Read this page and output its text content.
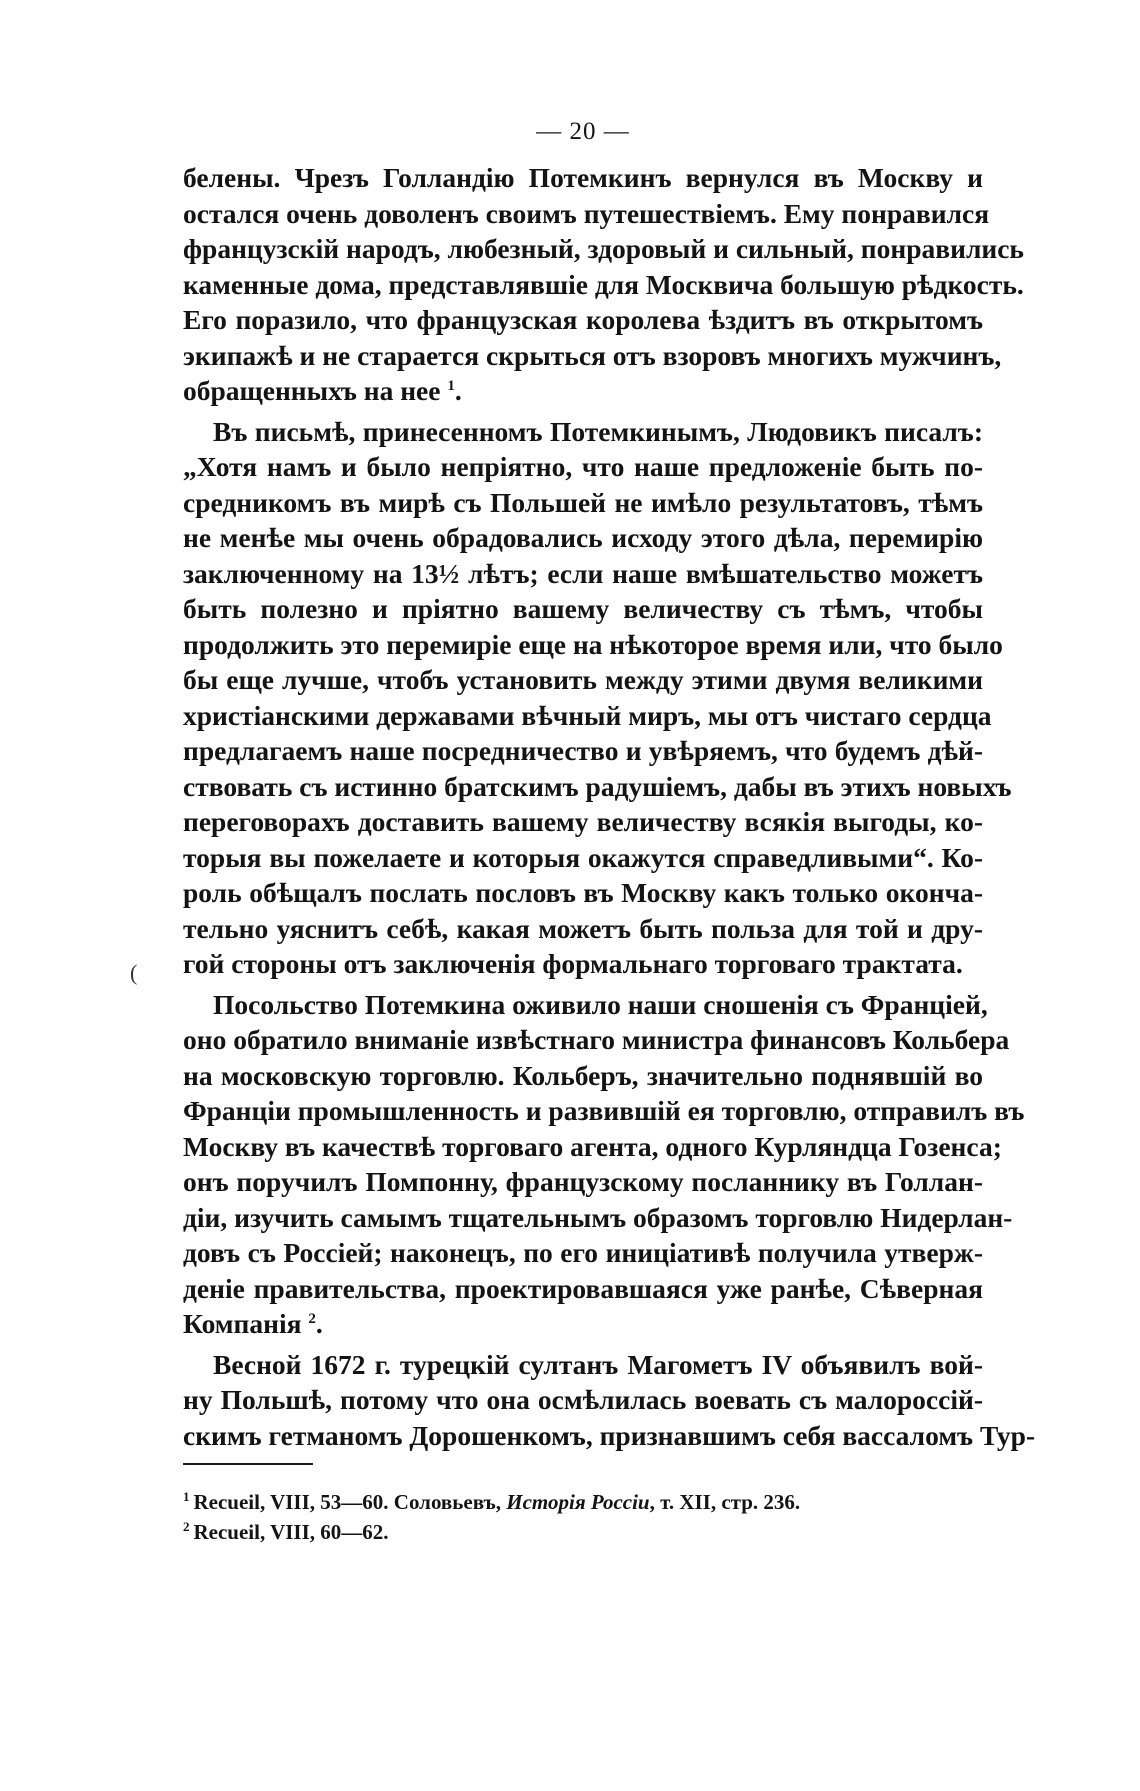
— 20 —
белены. Чрезъ Голландію Потемкинъ вернулся въ Москву и
остался очень доволенъ своимъ путешествіемъ. Ему понравился
французскій народъ, любезный, здоровый и сильный, понравились
каменные дома, представлявшіе для Москвича большую рѣдкость.
Его поразило, что французская королева ѣздитъ въ открытомъ
экипажѣ и не старается скрыться отъ взоровъ многихъ мужчинъ,
обращенныхъ на нее $^1$.
Въ письмѣ, принесенномъ Потемкинымъ, Людовикъ писалъ:
„Хотя намъ и было непріятно, что наше предложеніе быть по-
средникомъ въ мирѣ съ Польшей не имѣло результатовъ, тѣмъ
не менѣе мы очень обрадовались исходу этого дѣла, перемирію
заключенному на 13½ лѣтъ; если наше вмѣшательство можетъ
быть полезно и пріятно вашему величеству съ тѣмъ, чтобы
продолжить это перемиріе еще на нѣкоторое время или, что было
бы еще лучше, чтобъ установить между этими двумя великими
христіанскими державами вѣчный миръ, мы отъ чистаго сердца
предлагаемъ наше посредничество и увѣряемъ, что будемъ дѣй-
ствовать съ истинно братскимъ радушіемъ, дабы въ этихъ новыхъ
переговорахъ доставить вашему величеству всякія выгоды, ко-
торыя вы пожелаете и которыя окажутся справедливыми“. Ко-
роль обѣщалъ послать пословъ въ Москву какъ только оконча-
тельно уяснитъ себѣ, какая можетъ быть польза для той и дру-
гой стороны отъ заключенія формальнаго торговаго трактата.
Посольство Потемкина оживило наши сношенія съ Франціей,
оно обратило вниманіе извѣстнаго министра финансовъ Кольбера
на московскую торговлю. Кольберъ, значительно поднявшій во
Франціи промышленность и развившій ея торговлю, отправилъ въ
Москву въ качествѣ торговаго агента, одного Курляндца Гозенса;
онъ поручилъ Помпонну, французскому посланнику въ Голлан-
діи, изучить самымъ тщательнымъ образомъ торговлю Нидерлан-
довъ съ Россіей; наконецъ, по его иниціативѣ получила утверж-
деніе правительства, проектировавшаяся уже ранѣе, Сѣверная
Компанія $^2$.
Весной 1672 г. турецкій султанъ Магометъ IV объявилъ вой-
ну Польшѣ, потому что она осмѣлилась воевать съ малороссій-
скимъ гетманомъ Дорошенкомъ, признавшимъ себя вассаломъ Тур-
$^1$ Recueil, VIII, 53—60. Соловьевъ, Исторія Россіи, т. XII, стр. 236.
$^2$ Recueil, VIII, 60—62.
(
